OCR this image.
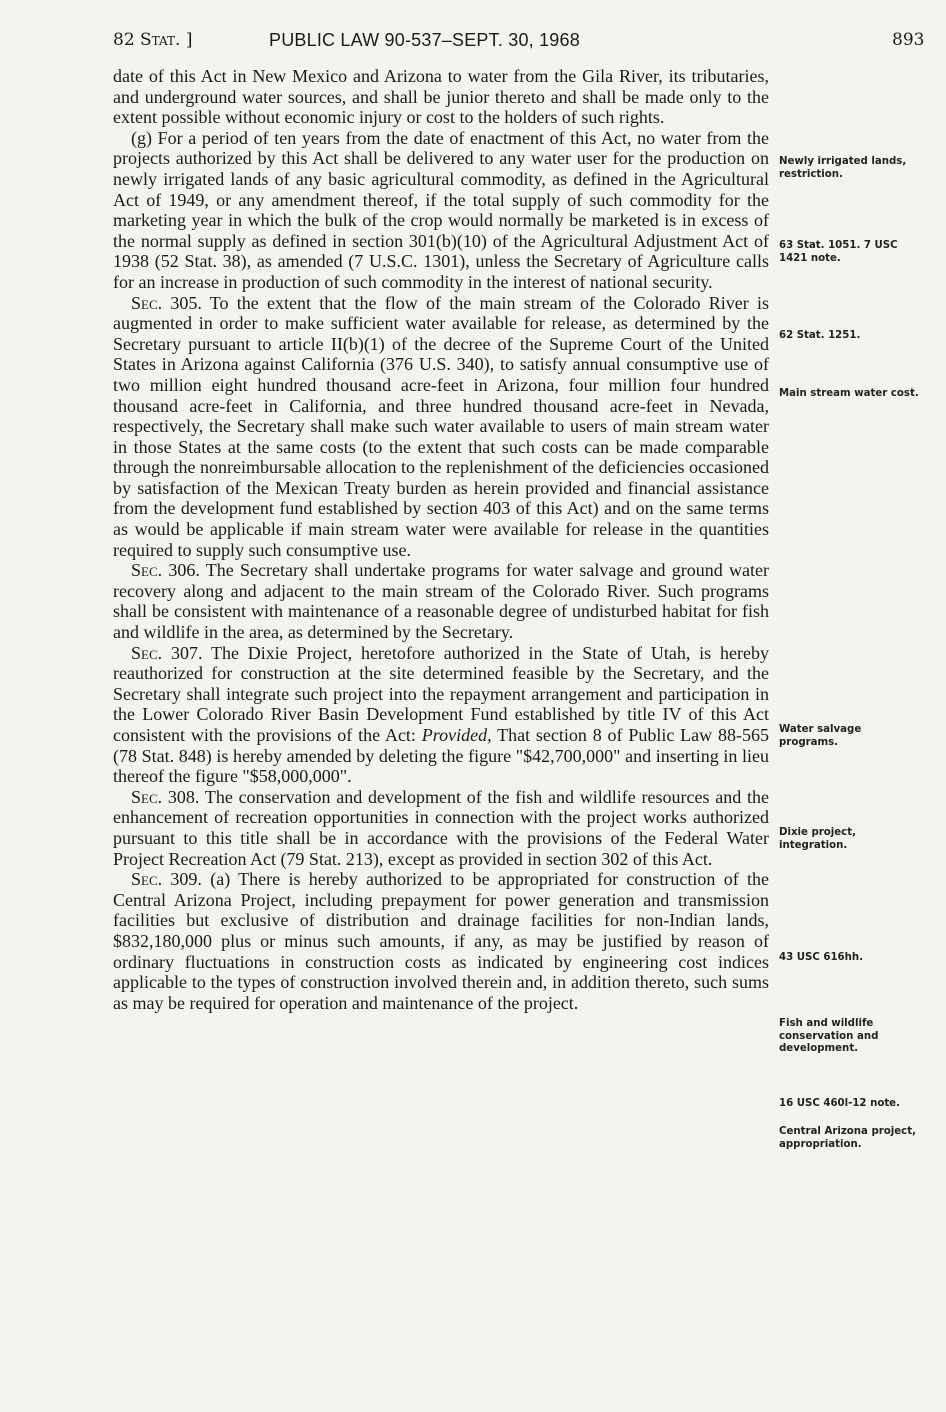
82 Stat. ]	PUBLIC LAW 90-537–SEPT. 30, 1968	893

date of this Act in New Mexico and Arizona to water from the Gila River, its tributaries, and underground water sources, and shall be junior thereto and shall be made only to the extent possible without economic injury or cost to the holders of such rights.

(g) For a period of ten years from the date of enactment of this Act, no water from the projects authorized by this Act shall be delivered to any water user for the production on newly irrigated lands of any basic agricultural commodity, as defined in the Agricultural Act of 1949, or any amendment thereof, if the total supply of such commodity for the marketing year in which the bulk of the crop would normally be marketed is in excess of the normal supply as defined in section 301(b)(10) of the Agricultural Adjustment Act of 1938 (52 Stat. 38), as amended (7 U.S.C. 1301), unless the Secretary of Agriculture calls for an increase in production of such commodity in the interest of national security.

Sec. 305. To the extent that the flow of the main stream of the Colorado River is augmented in order to make sufficient water available for release, as determined by the Secretary pursuant to article II(b)(1) of the decree of the Supreme Court of the United States in Arizona against California (376 U.S. 340), to satisfy annual consumptive use of two million eight hundred thousand acre-feet in Arizona, four million four hundred thousand acre-feet in California, and three hundred thousand acre-feet in Nevada, respectively, the Secretary shall make such water available to users of main stream water in those States at the same costs (to the extent that such costs can be made comparable through the nonreimbursable allocation to the replenishment of the deficiencies occasioned by satisfaction of the Mexican Treaty burden as herein provided and financial assistance from the development fund established by section 403 of this Act) and on the same terms as would be applicable if main stream water were available for release in the quantities required to supply such consumptive use.

Sec. 306. The Secretary shall undertake programs for water salvage and ground water recovery along and adjacent to the main stream of the Colorado River. Such programs shall be consistent with maintenance of a reasonable degree of undisturbed habitat for fish and wildlife in the area, as determined by the Secretary.

Sec. 307. The Dixie Project, heretofore authorized in the State of Utah, is hereby reauthorized for construction at the site determined feasible by the Secretary, and the Secretary shall integrate such project into the repayment arrangement and participation in the Lower Colorado River Basin Development Fund established by title IV of this Act consistent with the provisions of the Act: Provided, That section 8 of Public Law 88-565 (78 Stat. 848) is hereby amended by deleting the figure "$42,700,000" and inserting in lieu thereof the figure "$58,000,000".

Sec. 308. The conservation and development of the fish and wildlife resources and the enhancement of recreation opportunities in connection with the project works authorized pursuant to this title shall be in accordance with the provisions of the Federal Water Project Recreation Act (79 Stat. 213), except as provided in section 302 of this Act.

Sec. 309. (a) There is hereby authorized to be appropriated for construction of the Central Arizona Project, including prepayment for power generation and transmission facilities but exclusive of distribution and drainage facilities for non-Indian lands, $832,180,000 plus or minus such amounts, if any, as may be justified by reason of ordinary fluctuations in construction costs as indicated by engineering cost indices applicable to the types of construction involved therein and, in addition thereto, such sums as may be required for operation and maintenance of the project.

Newly irrigated lands, restriction.
63 Stat. 1051. 7 USC 1421 note.
62 Stat. 1251.
Main stream water cost.
Water salvage programs.
Dixie project, integration.
43 USC 616hh.
Fish and wildlife conservation and development.
16 USC 460l-12 note.
Central Arizona project, appropriation.
